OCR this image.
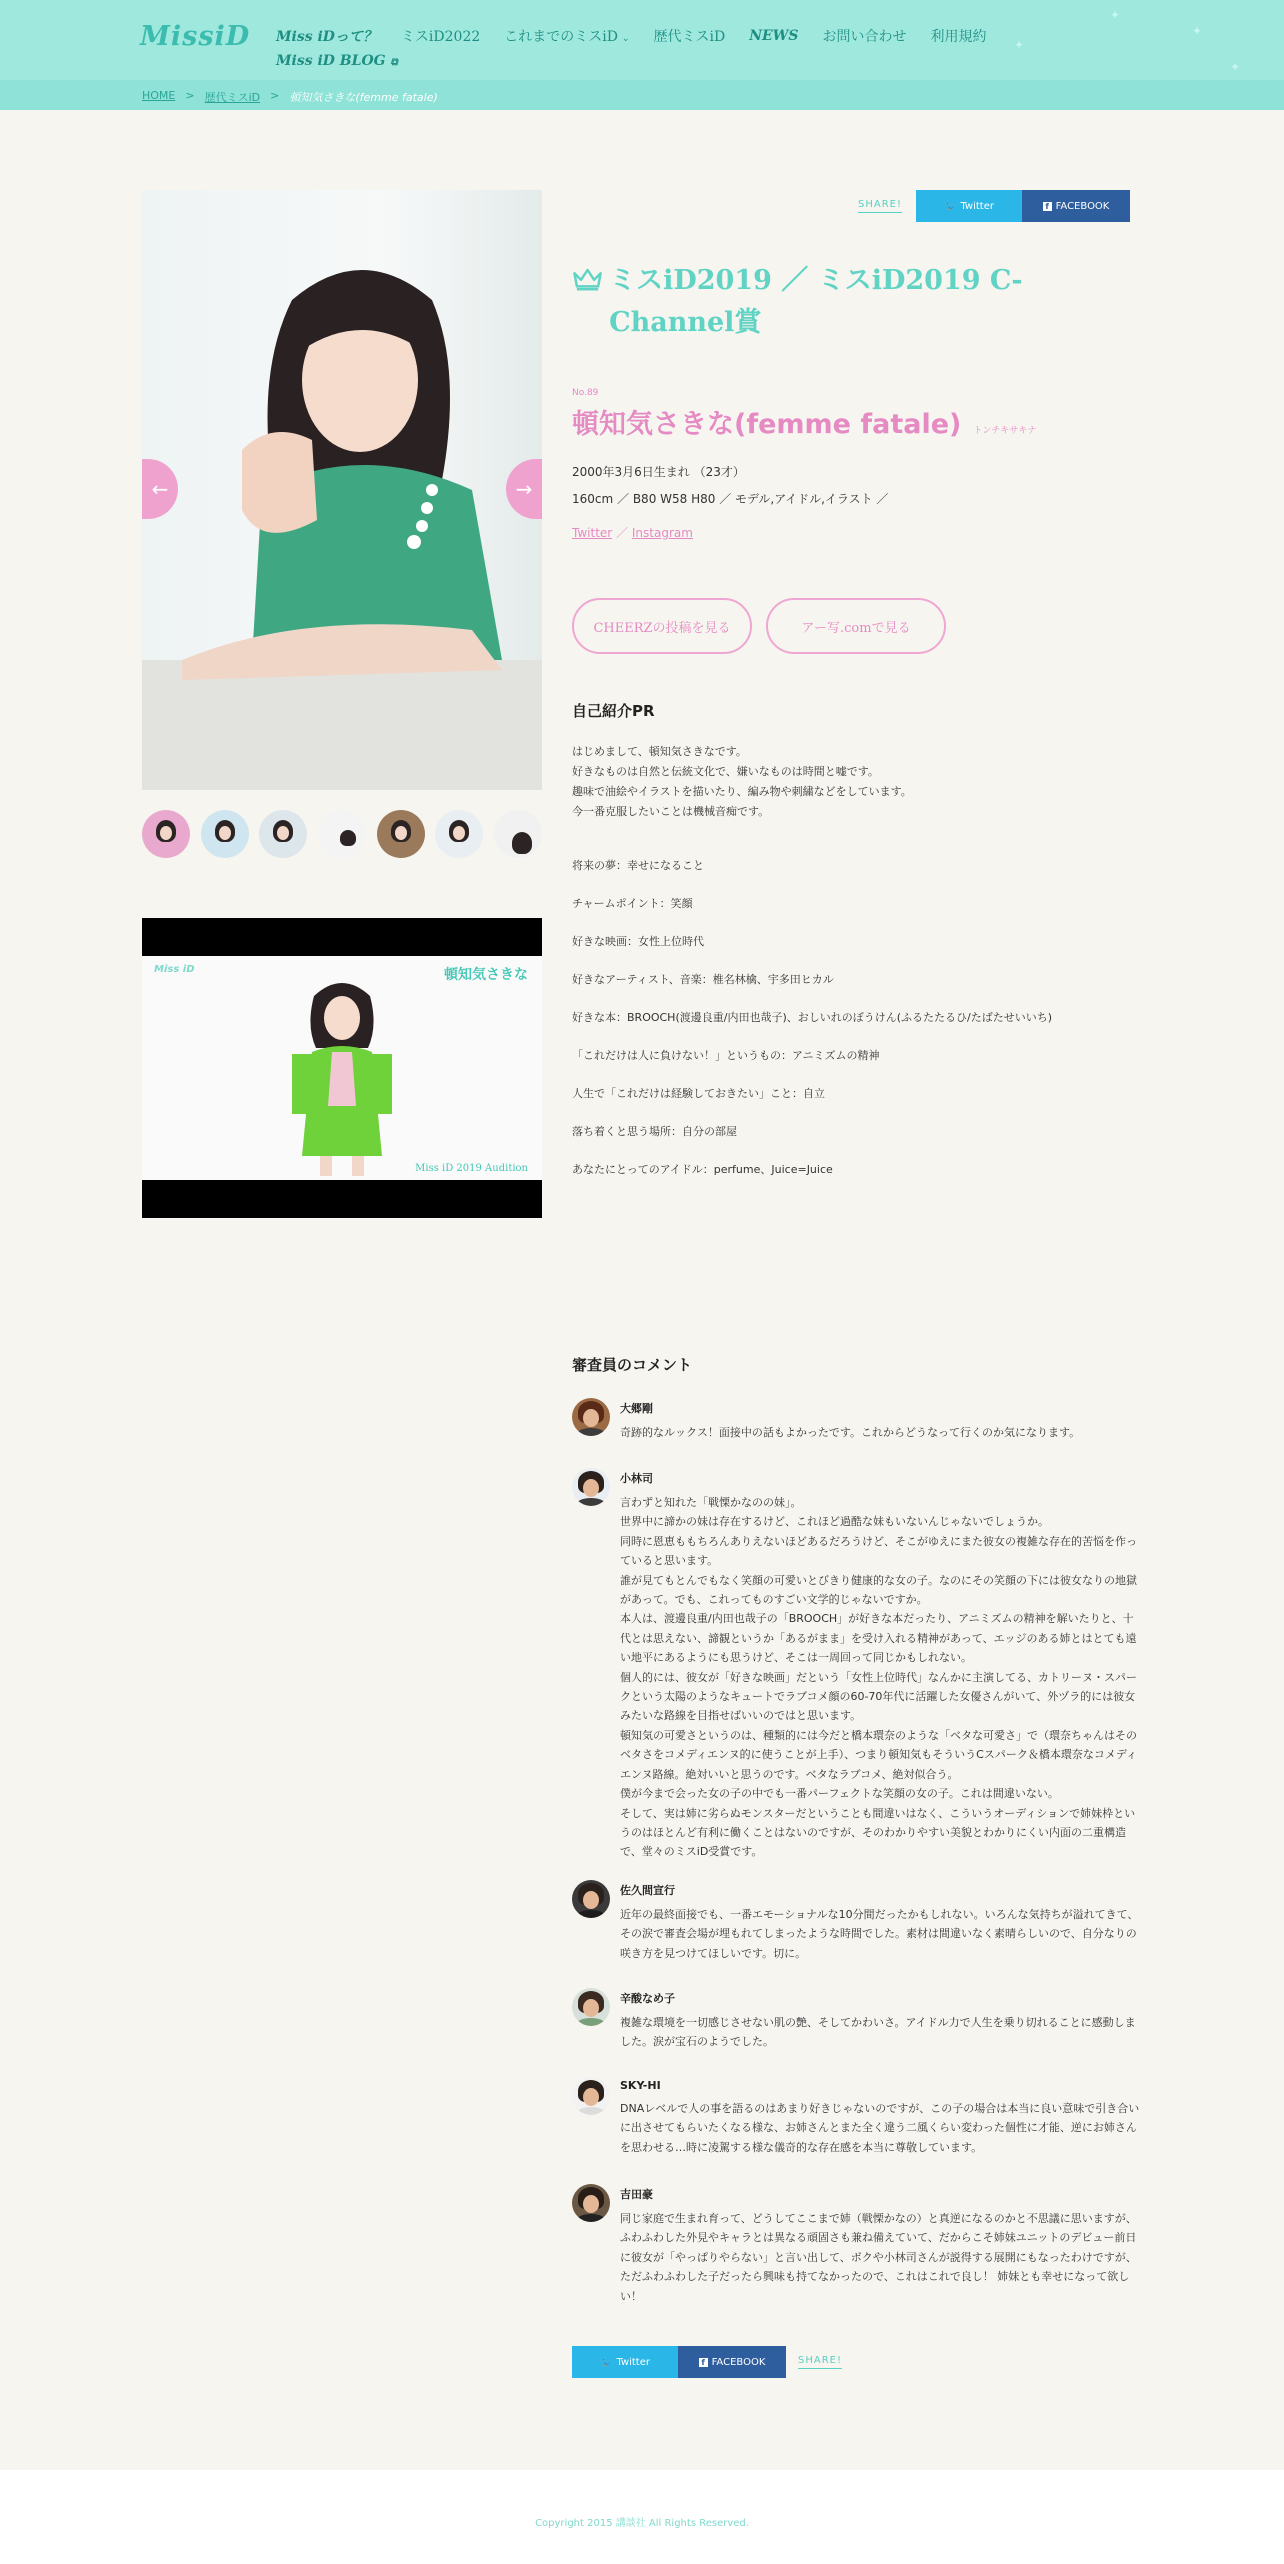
✦
✦
✦
✦
MissiD Miss iDって？ ミスiD2022 これまでのミスiD ⌄ 歴代ミスiD NEWS お問い合わせ 利用規約
Miss iD BLOG ⧉
HOME > 歴代ミスiD > 頓知気さきな(femme fatale)
←	→
Miss iD	頓知気さきな
Miss iD 2019 Audition
SHARE!	🐦 Twitter	f FACEBOOK
ミスiD2019 ／ ミスiD2019 C-Channel賞
No.89
頓知気さきな(femme fatale) トンチキサキナ
2000年3月6日生まれ （23才）
160cm ／ B80 W58 H80 ／ モデル,アイドル,イラスト ／
Twitter ／ Instagram
CHEERZの投稿を見る	アー写.comで見る
自己紹介PR
はじめまして、頓知気さきなです。
好きなものは自然と伝統文化で、嫌いなものは時間と嘘です。
趣味で油絵やイラストを描いたり、編み物や刺繍などをしています。
今一番克服したいことは機械音痴です。
将来の夢：幸せになること
チャームポイント：笑顔
好きな映画：女性上位時代
好きなアーティスト、音楽：椎名林檎、宇多田ヒカル
好きな本：BROOCH(渡邊良重/内田也哉子)、おしいれのぼうけん(ふるたたるひ/たばたせいいち)
「これだけは人に負けない！」というもの：アニミズムの精神
人生で「これだけは経験しておきたい」こと：自立
落ち着くと思う場所：自分の部屋
あなたにとってのアイドル：perfume、Juice=Juice
審査員のコメント
大郷剛
奇跡的なルックス！面接中の話もよかったです。これからどうなって行くのか気になります。
小林司
言わずと知れた「戦慄かなのの妹」。
世界中に諦かの妹は存在するけど、これほど過酷な妹もいないんじゃないでしょうか。
同時に恩恵ももちろんありえないほどあるだろうけど、そこがゆえにまた彼女の複雑な存在的苦悩を作っていると思います。
誰が見てもとんでもなく笑顔の可愛いとびきり健康的な女の子。なのにその笑顔の下には彼女なりの地獄があって。でも、これってものすごい文学的じゃないですか。
本人は、渡邊良重/内田也哉子の「BROOCH」が好きな本だったり、アニミズムの精神を解いたりと、十代とは思えない、諦観というか「あるがまま」を受け入れる精神があって、エッジのある姉とはとても遠い地平にあるようにも思うけど、そこは一周回って同じかもしれない。
個人的には、彼女が「好きな映画」だという「女性上位時代」なんかに主演してる、カトリーヌ・スパークという太陽のようなキュートでラブコメ顔の60-70年代に活躍した女優さんがいて、外ヅラ的には彼女みたいな路線を目指せばいいのではと思います。
頓知気の可愛さというのは、種類的には今だと橋本環奈のような「ベタな可愛さ」で（環奈ちゃんはそのベタさをコメディエンヌ的に使うことが上手）、つまり頓知気もそういうCスパーク＆橋本環奈なコメディエンヌ路線。絶対いいと思うのです。ベタなラブコメ、絶対似合う。
僕が今まで会った女の子の中でも一番パーフェクトな笑顔の女の子。これは間違いない。
そして、実は姉に劣らぬモンスターだということも間違いはなく、こういうオーディションで姉妹枠というのはほとんど有利に働くことはないのですが、そのわかりやすい美貌とわかりにくい内面の二重構造で、堂々のミスiD受賞です。
佐久間宣行
近年の最終面接でも、一番エモーショナルな10分間だったかもしれない。いろんな気持ちが溢れてきて、その涙で審査会場が埋もれてしまったような時間でした。素材は間違いなく素晴らしいので、自分なりの咲き方を見つけてほしいです。切に。
辛酸なめ子
複雑な環境を一切感じさせない肌の艶、そしてかわいさ。アイドル力で人生を乗り切れることに感動しました。涙が宝石のようでした。
SKY-HI
DNAレベルで人の事を語るのはあまり好きじゃないのですが、この子の場合は本当に良い意味で引き合いに出させてもらいたくなる様な、お姉さんとまた全く違う二風くらい変わった個性に才能、逆にお姉さんを思わせる…時に凌駕する様な儀奇的な存在感を本当に尊敬しています。
吉田豪
同じ家庭で生まれ育って、どうしてここまで姉（戦慄かなの）と真逆になるのかと不思議に思いますが、ふわふわした外見やキャラとは異なる頑固さも兼ね備えていて、だからこそ姉妹ユニットのデビュー前日に彼女が「やっぱりやらない」と言い出して、ボクや小林司さんが説得する展開にもなったわけですが、ただふわふわした子だったら興味も持てなかったので、これはこれで良し！ 姉妹とも幸せになって欲しい！
🐦 Twitter	f FACEBOOK	SHARE!
Copyright 2015 講談社 All Rights Reserved.
